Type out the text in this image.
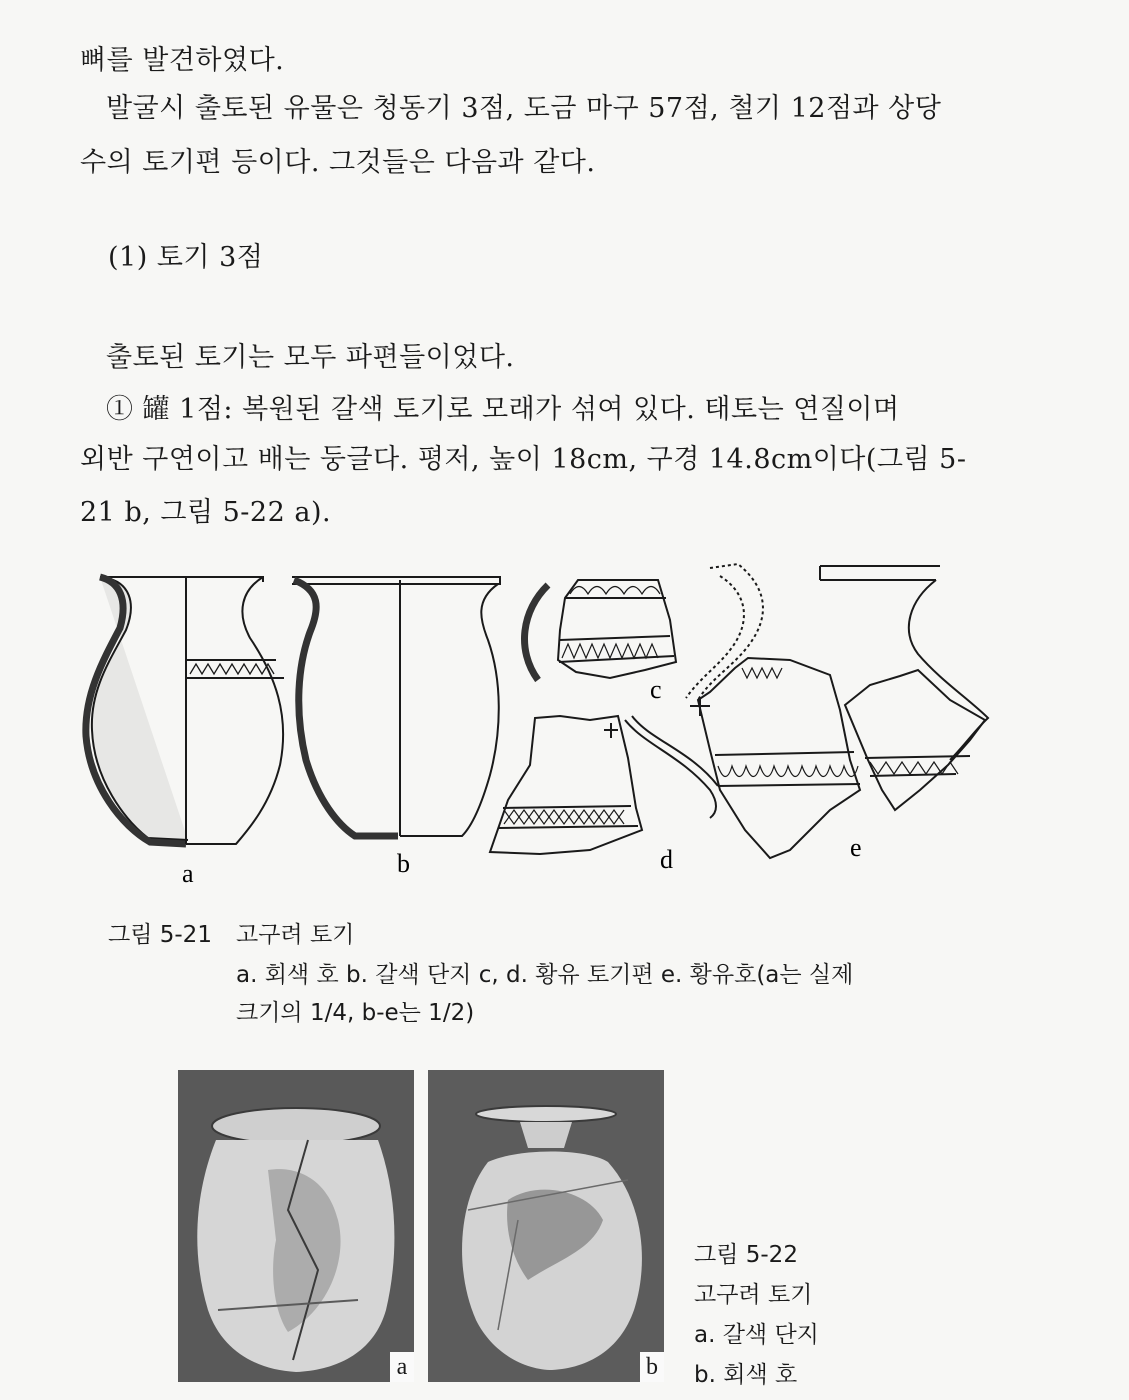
뼈를 발견하였다.
발굴시 출토된 유물은 청동기 3점, 도금 마구 57점, 철기 12점과 상당
수의 토기편 등이다. 그것들은 다음과 같다.
(1) 토기 3점
출토된 토기는 모두 파편들이었다.
① 罐 1점: 복원된 갈색 토기로 모래가 섞여 있다. 태토는 연질이며
외반 구연이고 배는 둥글다. 평저, 높이 18cm, 구경 14.8cm이다(그림 5-
21 b, 그림 5-22 a).
a	b
c
d	e
그림 5-21 고구려 토기
a. 회색 호 b. 갈색 단지 c, d. 황유 토기편 e. 황유호(a는 실제
크기의 1/4, b-e는 1/2)
a	b
그림 5-22
고구려 토기
a. 갈색 단지
b. 회색 호
